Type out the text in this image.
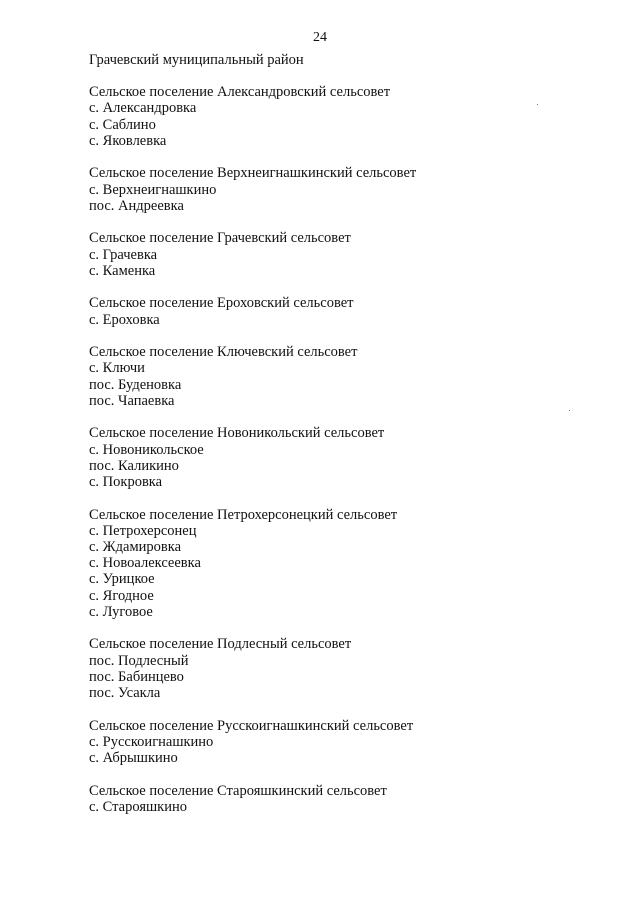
24
Грачевский муниципальный район
Сельское поселение Александровский сельсовет
с. Александровка
с. Саблино
с. Яковлевка
Сельское поселение Верхнеигнашкинский сельсовет
с. Верхнеигнашкино
пос. Андреевка
Сельское поселение Грачевский сельсовет
с. Грачевка
с. Каменка
Сельское поселение Ероховский сельсовет
с. Ероховка
Сельское поселение Ключевский сельсовет
с. Ключи
пос. Буденовка
пос. Чапаевка
Сельское поселение Новоникольский сельсовет
с. Новоникольское
пос. Каликино
с. Покровка
Сельское поселение Петрохерсонецкий сельсовет
с. Петрохерсонец
с. Ждамировка
с. Новоалексеевка
с. Урицкое
с. Ягодное
с. Луговое
Сельское поселение Подлесный сельсовет
пос. Подлесный
пос. Бабинцево
пос. Усакла
Сельское поселение Русскоигнашкинский сельсовет
с. Русскоигнашкино
с. Абрышкино
Сельское поселение Старояшкинский сельсовет
с. Старояшкино
